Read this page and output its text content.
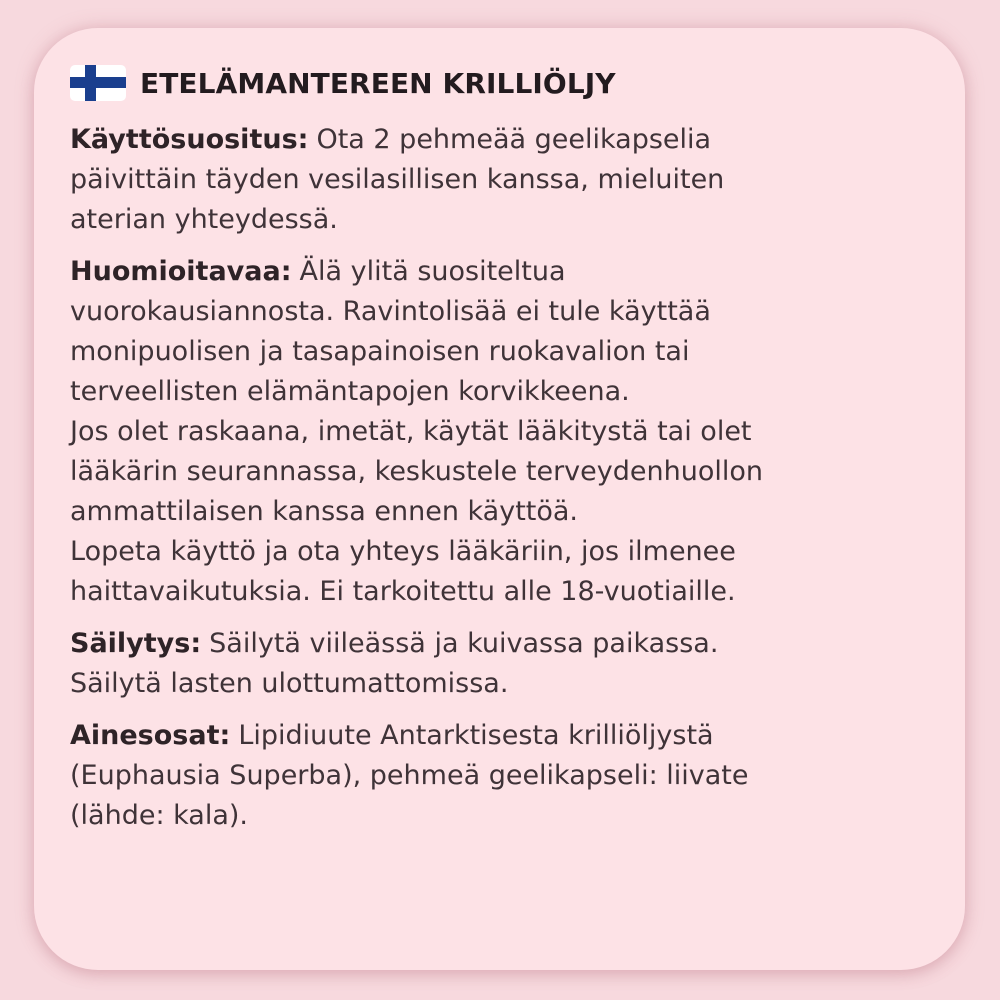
ETELÄMANTEREEN KRILLIÖLJY
Käyttösuositus: Ota 2 pehmeää geelikapselia
päivittäin täyden vesilasillisen kanssa, mieluiten
aterian yhteydessä.
Huomioitavaa: Älä ylitä suositeltua
vuorokausiannosta. Ravintolisää ei tule käyttää
monipuolisen ja tasapainoisen ruokavalion tai
terveellisten elämäntapojen korvikkeena.
Jos olet raskaana, imetät, käytät lääkitystä tai olet
lääkärin seurannassa, keskustele terveydenhuollon
ammattilaisen kanssa ennen käyttöä.
Lopeta käyttö ja ota yhteys lääkäriin, jos ilmenee
haittavaikutuksia. Ei tarkoitettu alle 18-vuotiaille.
Säilytys: Säilytä viileässä ja kuivassa paikassa.
Säilytä lasten ulottumattomissa.
Ainesosat: Lipidiuute Antarktisesta krilliöljystä
(Euphausia Superba), pehmeä geelikapseli: liivate
(lähde: kala).
